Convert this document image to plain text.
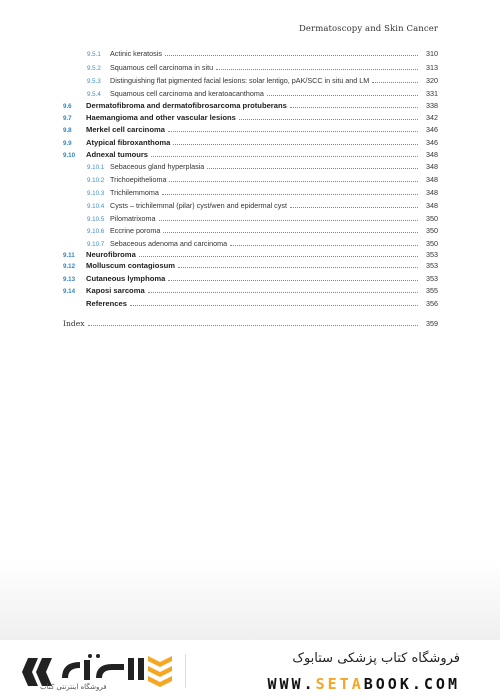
Dermatoscopy and Skin Cancer
9.5.1 Actinic keratosis	310
9.5.2 Squamous cell carcinoma in situ	313
9.5.3 Distinguishing flat pigmented facial lesions: solar lentigo, pAK/SCC in situ and LM	320
9.5.4 Squamous cell carcinoma and keratoacanthoma	331
9.6 Dermatofibroma and dermatofibrosarcoma protuberans	338
9.7 Haemangioma and other vascular lesions	342
9.8 Merkel cell carcinoma	346
9.9 Atypical fibroxanthoma	346
9.10 Adnexal tumours	348
9.10.1 Sebaceous gland hyperplasia	348
9.10.2 Trichoepithelioma	348
9.10.3 Trichilemmoma	348
9.10.4 Cysts – trichilemmal (pilar) cyst/wen and epidermal cyst	348
9.10.5 Pilomatrixoma	350
9.10.6 Eccrine poroma	350
9.10.7 Sebaceous adenoma and carcinoma	350
9.11 Neurofibroma	353
9.12 Molluscum contagiosum	353
9.13 Cutaneous lymphoma	353
9.14 Kaposi sarcoma	355
References	356
Index	359
فروشگاه اینترنتی کتاب
فروشگاه کتاب پزشکی ستابوک
WWW.SETABOOK.COM
